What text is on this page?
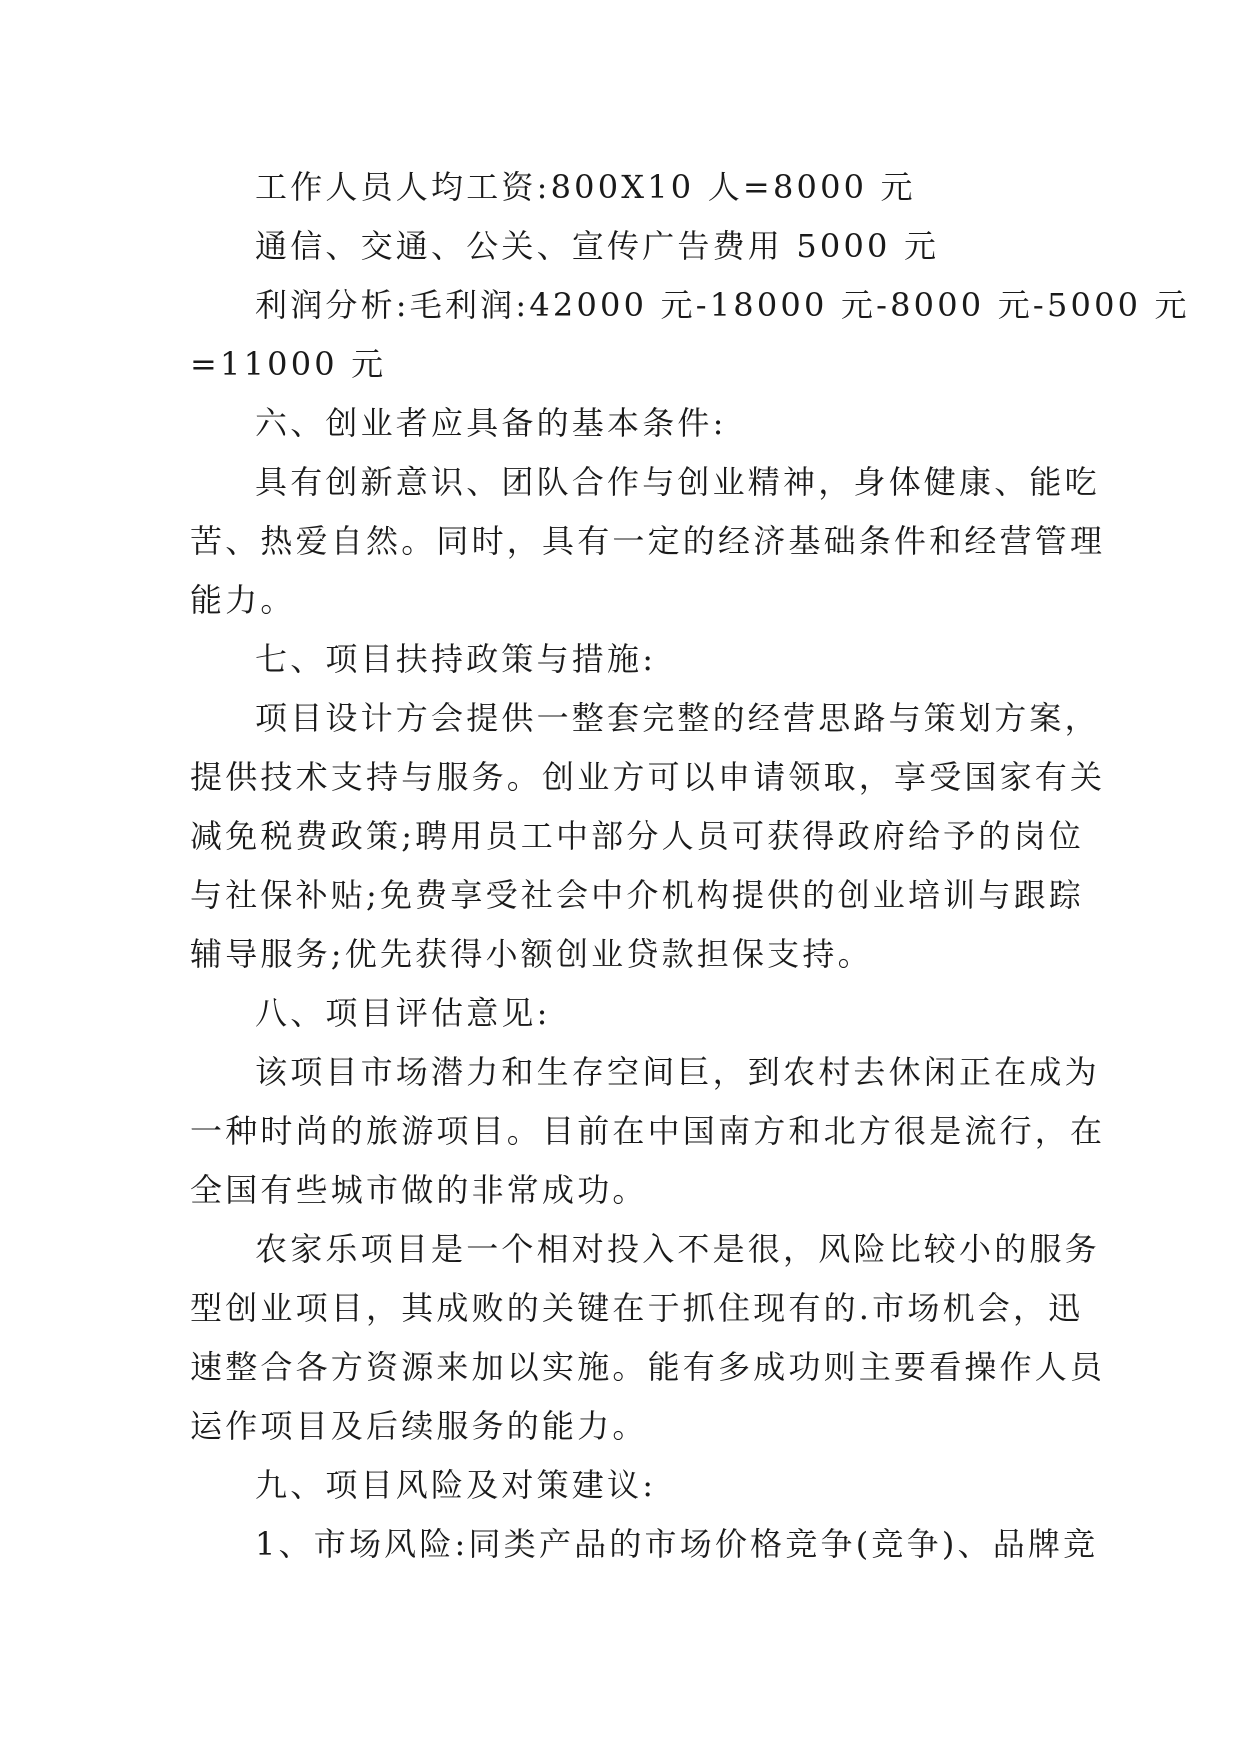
工作人员人均工资:800X10 人=8000 元
通信、交通、公关、宣传广告费用 5000 元
利润分析:毛利润:42000 元-18000 元-8000 元-5000 元
=11000 元
六、创业者应具备的基本条件:
具有创新意识、团队合作与创业精神，身体健康、能吃
苦、热爱自然。同时，具有一定的经济基础条件和经营管理
能力。
七、项目扶持政策与措施:
项目设计方会提供一整套完整的经营思路与策划方案，
提供技术支持与服务。创业方可以申请领取，享受国家有关
减免税费政策;聘用员工中部分人员可获得政府给予的岗位
与社保补贴;免费享受社会中介机构提供的创业培训与跟踪
辅导服务;优先获得小额创业贷款担保支持。
八、项目评估意见:
该项目市场潜力和生存空间巨，到农村去休闲正在成为
一种时尚的旅游项目。目前在中国南方和北方很是流行，在
全国有些城市做的非常成功。
农家乐项目是一个相对投入不是很，风险比较小的服务
型创业项目，其成败的关键在于抓住现有的.市场机会，迅
速整合各方资源来加以实施。能有多成功则主要看操作人员
运作项目及后续服务的能力。
九、项目风险及对策建议:
1、市场风险:同类产品的市场价格竞争(竞争)、品牌竞
